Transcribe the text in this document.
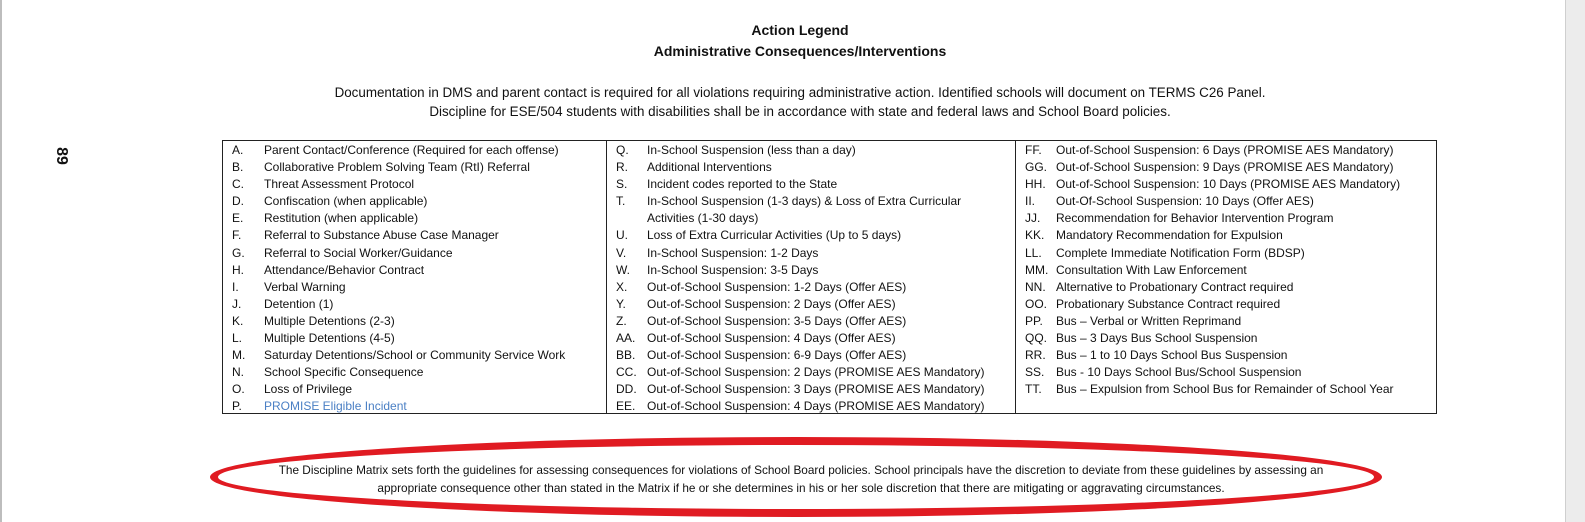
89
Action Legend
Administrative Consequences/Interventions
Documentation in DMS and parent contact is required for all violations requiring administrative action. Identified schools will document on TERMS C26 Panel.
Discipline for ESE/504 students with disabilities shall be in accordance with state and federal laws and School Board policies.
A.	Parent Contact/Conference (Required for each offense)
B.	Collaborative Problem Solving Team (RtI) Referral
C.	Threat Assessment Protocol
D.	Confiscation (when applicable)
E.	Restitution (when applicable)
F.	Referral to Substance Abuse Case Manager
G.	Referral to Social Worker/Guidance
H.	Attendance/Behavior Contract
I.	Verbal Warning
J.	Detention (1)
K.	Multiple Detentions (2-3)
L.	Multiple Detentions (4-5)
M.	Saturday Detentions/School or Community Service Work
N.	School Specific Consequence
O.	Loss of Privilege
P.	PROMISE Eligible Incident
Q.	In-School Suspension (less than a day)
R.	Additional Interventions
S.	Incident codes reported to the State
T.	In-School Suspension (1-3 days) & Loss of Extra Curricular Activities (1-30 days)
U.	Loss of Extra Curricular Activities (Up to 5 days)
V.	In-School Suspension: 1-2 Days
W.	In-School Suspension: 3-5 Days
X.	Out-of-School Suspension: 1-2 Days (Offer AES)
Y.	Out-of-School Suspension: 2 Days (Offer AES)
Z.	Out-of-School Suspension: 3-5 Days (Offer AES)
AA. Out-of-School Suspension: 4 Days (Offer AES)
BB. Out-of-School Suspension: 6-9 Days (Offer AES)
CC. Out-of-School Suspension: 2 Days (PROMISE AES Mandatory)
DD. Out-of-School Suspension: 3 Days (PROMISE AES Mandatory)
EE. Out-of-School Suspension: 4 Days (PROMISE AES Mandatory)
FF.	Out-of-School Suspension: 6 Days (PROMISE AES Mandatory)
GG. Out-of-School Suspension: 9 Days (PROMISE AES Mandatory)
HH. Out-of-School Suspension: 10 Days (PROMISE AES Mandatory)
II.	Out-Of-School Suspension: 10 Days (Offer AES)
JJ.	Recommendation for Behavior Intervention Program
KK. Mandatory Recommendation for Expulsion
LL.	Complete Immediate Notification Form (BDSP)
MM. Consultation With Law Enforcement
NN. Alternative to Probationary Contract required
OO. Probationary Substance Contract required
PP.	Bus – Verbal or Written Reprimand
QQ. Bus – 3 Days Bus School Suspension
RR. Bus – 1 to 10 Days School Bus Suspension
SS. Bus - 10 Days School Bus/School Suspension
TT.	Bus – Expulsion from School Bus for Remainder of School Year
The Discipline Matrix sets forth the guidelines for assessing consequences for violations of School Board policies. School principals have the discretion to deviate from these guidelines by assessing an
appropriate consequence other than stated in the Matrix if he or she determines in his or her sole discretion that there are mitigating or aggravating circumstances.
